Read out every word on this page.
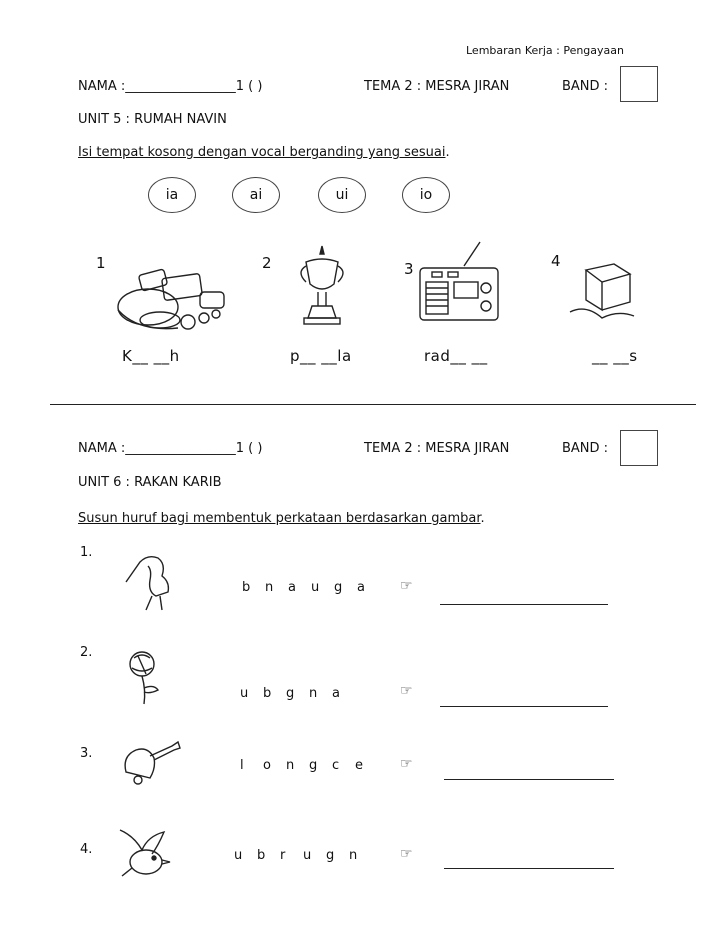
Lembaran Kerja : Pengayaan
NAMA :_________________1 ( )	TEMA 2 : MESRA JIRAN	BAND :
UNIT 5 : RUMAH NAVIN
Isi tempat kosong dengan vocal berganding yang sesuai.
ia	ai	ui	io
1	2	3	4
K__ __h	p__ __la	rad__ __	__ __s
NAMA :_________________1 ( )	TEMA 2 : MESRA JIRAN	BAND :
UNIT 6 : RAKAN KARIB
Susun huruf bagi membentuk perkataan berdasarkan gambar.
1.
b n a u g a	☞
2.
u b g n a	☞
3.
l o n g c e	☞
4.	u b r u g n	☞
